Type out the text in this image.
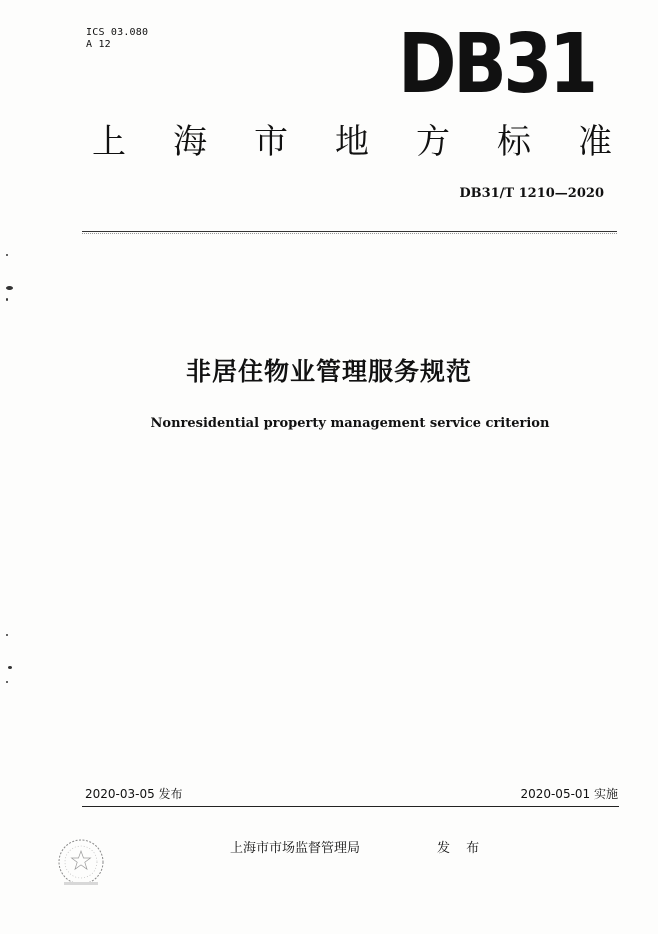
ICS 03.080
A 12	DB31
上 海 市 地 方 标 准
DB31/T 1210—2020
非居住物业管理服务规范
Nonresidential property management service criterion
2020-03-05 发布	2020-05-01 实施
上海市市场监督管理局	发 布
